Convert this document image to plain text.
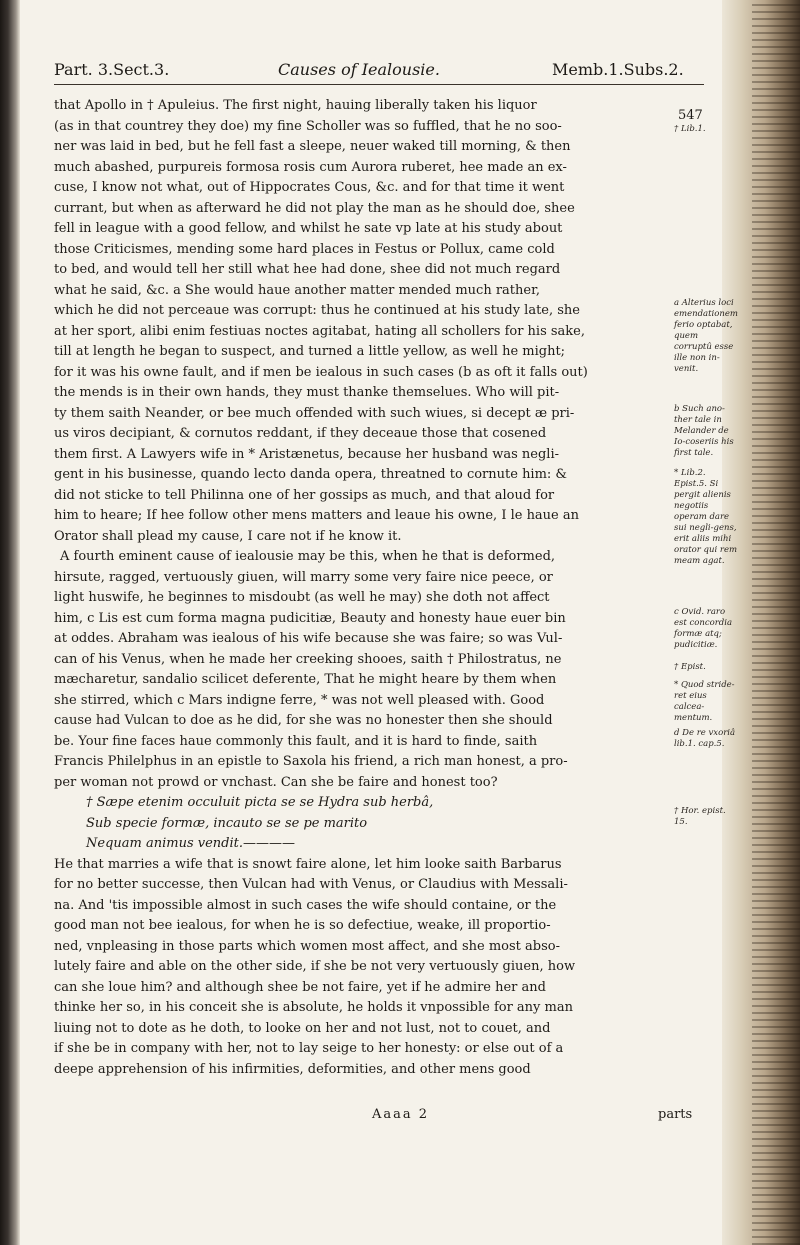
Part. 3.Sect.3.	Causes of Iealousie.	Memb.1.Subs.2.
that Apollo in † Apuleius. The first night, hauing liberally taken his liquor
(as in that countrey they doe) my fine Scholler was so fuffled, that he no soo-
ner was laid in bed, but he fell fast a sleepe, neuer waked till morning, & then
much abashed, purpureis formosa rosis cum Aurora ruberet, hee made an ex-
cuse, I know not what, out of Hippocrates Cous, &c. and for that time it went
currant, but when as afterward he did not play the man as he should doe, shee
fell in league with a good fellow, and whilst he sate vp late at his study about
those Criticismes, mending some hard places in Festus or Pollux, came cold
to bed, and would tell her still what hee had done, shee did not much regard
what he said, &c. a She would haue another matter mended much rather,
which he did not perceaue was corrupt: thus he continued at his study late, she
at her sport, alibi enim festiuas noctes agitabat, hating all schollers for his sake,
till at length he began to suspect, and turned a little yellow, as well he might;
for it was his owne fault, and if men be iealous in such cases (b as oft it falls out)
the mends is in their own hands, they must thanke themselues. Who will pit-
ty them saith Neander, or bee much offended with such wiues, si decept æ pri-
us viros decipiant, & cornutos reddant, if they deceaue those that cosened
them first. A Lawyers wife in * Aristænetus, because her husband was negli-
gent in his businesse, quando lecto danda opera, threatned to cornute him: &
did not sticke to tell Philinna one of her gossips as much, and that aloud for
him to heare; If hee follow other mens matters and leaue his owne, I le haue an
Orator shall plead my cause, I care not if he know it.
A fourth eminent cause of iealousie may be this, when he that is deformed,
hirsute, ragged, vertuously giuen, will marry some very faire nice peece, or
light huswife, he beginnes to misdoubt (as well he may) she doth not affect
him, c Lis est cum forma magna pudicitiæ, Beauty and honesty haue euer bin
at oddes. Abraham was iealous of his wife because she was faire; so was Vul-
can of his Venus, when he made her creeking shooes, saith † Philostratus, ne
mæcharetur, sandalio scilicet deferente, That he might heare by them when
she stirred, which c Mars indigne ferre, * was not well pleased with. Good
cause had Vulcan to doe as he did, for she was no honester then she should
be. Your fine faces haue commonly this fault, and it is hard to finde, saith
Francis Philelphus in an epistle to Saxola his friend, a rich man honest, a pro-
per woman not prowd or vnchast. Can she be faire and honest too?
† Sæpe etenim occuluit picta se se Hydra sub herbâ,
Sub specie formæ, incauto se se pe marito
Nequam animus vendit.————
He that marries a wife that is snowt faire alone, let him looke saith Barbarus
for no better successe, then Vulcan had with Venus, or Claudius with Messali-
na. And 'tis impossible almost in such cases the wife should containe, or the
good man not bee iealous, for when he is so defectiue, weake, ill proportio-
ned, vnpleasing in those parts which women most affect, and she most abso-
lutely faire and able on the other side, if she be not very vertuously giuen, how
can she loue him? and although shee be not faire, yet if he admire her and
thinke her so, in his conceit she is absolute, he holds it vnpossible for any man
liuing not to dote as he doth, to looke on her and not lust, not to couet, and
if she be in company with her, not to lay seige to her honesty: or else out of a
deepe apprehension of his infirmities, deformities, and other mens good
547
† Lib.1.
a Alterius loci emendationem ferio optabat, quem corruptû esse ille non in-venit.
b Such ano-ther tale in Melander de Io-coseriis his first tale.
* Lib.2. Epist.5. Si pergit alienis negotiis operam dare sui negli-gens, erit aliis mihi orator qui rem meam agat.
c Ovid. raro est concordia formæ atq; pudicitiæ.
† Epist.
* Quod stride-ret eius calcea-mentum.
d De re vxoriâ lib.1. cap.5.
† Hor. epist. 15.
Aaaa 2	parts
